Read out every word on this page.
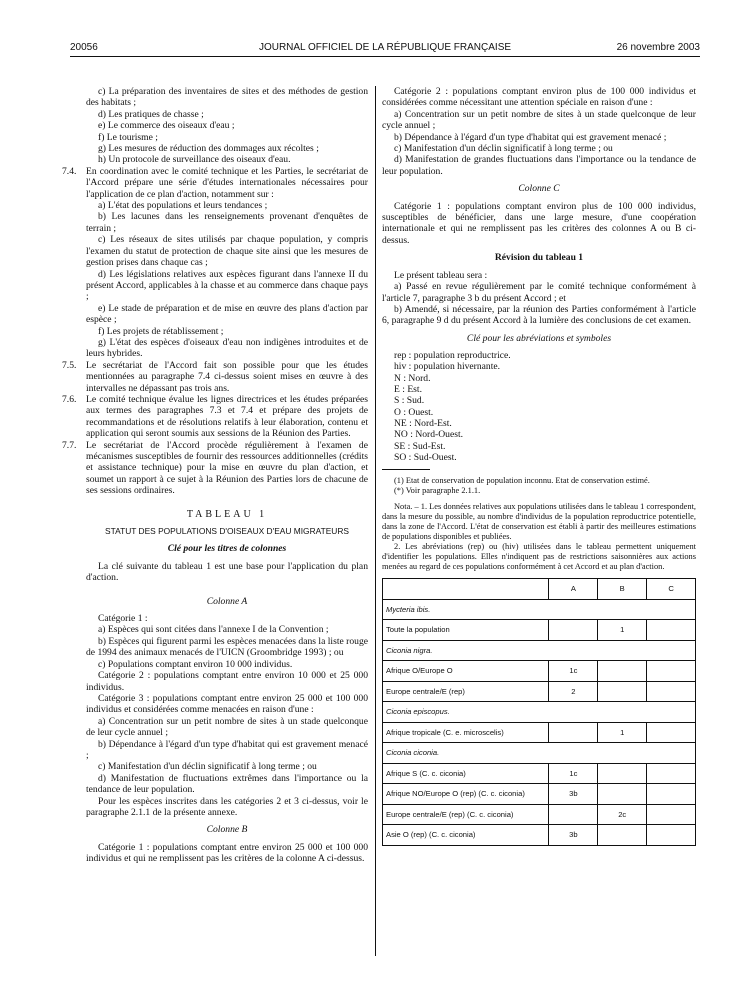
20056	JOURNAL OFFICIEL DE LA RÉPUBLIQUE FRANÇAISE	26 novembre 2003

c) La préparation des inventaires de sites et des méthodes de gestion des habitats ;

d) Les pratiques de chasse ;

e) Le commerce des oiseaux d'eau ;

f) Le tourisme ;

g) Les mesures de réduction des dommages aux récoltes ;

h) Un protocole de surveillance des oiseaux d'eau.

7.4. En coordination avec le comité technique et les Parties, le secrétariat de l'Accord prépare une série d'études internationales nécessaires pour l'application de ce plan d'action, notamment sur :

a) L'état des populations et leurs tendances ;

b) Les lacunes dans les renseignements provenant d'enquêtes de terrain ;

c) Les réseaux de sites utilisés par chaque population, y compris l'examen du statut de protection de chaque site ainsi que les mesures de gestion prises dans chaque cas ;

d) Les législations relatives aux espèces figurant dans l'annexe II du présent Accord, applicables à la chasse et au commerce dans chaque pays ;

e) Le stade de préparation et de mise en œuvre des plans d'action par espèce ;

f) Les projets de rétablissement ;

g) L'état des espèces d'oiseaux d'eau non indigènes introduites et de leurs hybrides.

7.5. Le secrétariat de l'Accord fait son possible pour que les études mentionnées au paragraphe 7.4 ci-dessus soient mises en œuvre à des intervalles ne dépassant pas trois ans.

7.6. Le comité technique évalue les lignes directrices et les études préparées aux termes des paragraphes 7.3 et 7.4 et prépare des projets de recommandations et de résolutions relatifs à leur élaboration, contenu et application qui seront soumis aux sessions de la Réunion des Parties.

7.7. Le secrétariat de l'Accord procède régulièrement à l'examen de mécanismes susceptibles de fournir des ressources additionnelles (crédits et assistance technique) pour la mise en œuvre du plan d'action, et soumet un rapport à ce sujet à la Réunion des Parties lors de chacune de ses sessions ordinaires.

TABLEAU 1

STATUT DES POPULATIONS D'OISEAUX D'EAU MIGRATEURS

Clé pour les titres de colonnes

La clé suivante du tableau 1 est une base pour l'application du plan d'action.

Colonne A

Catégorie 1 :

a) Espèces qui sont citées dans l'annexe I de la Convention ;

b) Espèces qui figurent parmi les espèces menacées dans la liste rouge de 1994 des animaux menacés de l'UICN (Groombridge 1993) ; ou

c) Populations comptant environ 10 000 individus.

Catégorie 2 : populations comptant entre environ 10 000 et 25 000 individus.

Catégorie 3 : populations comptant entre environ 25 000 et 100 000 individus et considérées comme menacées en raison d'une :

a) Concentration sur un petit nombre de sites à un stade quelconque de leur cycle annuel ;

b) Dépendance à l'égard d'un type d'habitat qui est gravement menacé ;

c) Manifestation d'un déclin significatif à long terme ; ou

d) Manifestation de fluctuations extrêmes dans l'importance ou la tendance de leur population.

Pour les espèces inscrites dans les catégories 2 et 3 ci-dessus, voir le paragraphe 2.1.1 de la présente annexe.

Colonne B

Catégorie 1 : populations comptant entre environ 25 000 et 100 000 individus et qui ne remplissent pas les critères de la colonne A ci-dessus.

Catégorie 2 : populations comptant environ plus de 100 000 individus et considérées comme nécessitant une attention spéciale en raison d'une :

a) Concentration sur un petit nombre de sites à un stade quelconque de leur cycle annuel ;

b) Dépendance à l'égard d'un type d'habitat qui est gravement menacé ;

c) Manifestation d'un déclin significatif à long terme ; ou

d) Manifestation de grandes fluctuations dans l'importance ou la tendance de leur population.

Colonne C

Catégorie 1 : populations comptant environ plus de 100 000 individus, susceptibles de bénéficier, dans une large mesure, d'une coopération internationale et qui ne remplissent pas les critères des colonnes A ou B ci-dessus.

Révision du tableau 1

Le présent tableau sera :

a) Passé en revue régulièrement par le comité technique conformément à l'article 7, paragraphe 3 b du présent Accord ; et

b) Amendé, si nécessaire, par la réunion des Parties conformément à l'article 6, paragraphe 9 d du présent Accord à la lumière des conclusions de cet examen.

Clé pour les abréviations et symboles

rep : population reproductrice.

hiv : population hivernante.

N : Nord.

E : Est.

S : Sud.

O : Ouest.

NE : Nord-Est.

NO : Nord-Ouest.

SE : Sud-Est.

SO : Sud-Ouest.

(1) Etat de conservation de population inconnu. Etat de conservation estimé.

(*) Voir paragraphe 2.1.1.

Nota. – 1. Les données relatives aux populations utilisées dans le tableau 1 correspondent, dans la mesure du possible, au nombre d'individus de la population reproductrice potentielle, dans la zone de l'Accord. L'état de conservation est établi à partir des meilleures estimations de populations disponibles et publiées.

2. Les abréviations (rep) ou (hiv) utilisées dans le tableau permettent uniquement d'identifier les populations. Elles n'indiquent pas de restrictions saisonnières aux actions menées au regard de ces populations conformément à cet Accord et au plan d'action.

	A	B	C
Mycteria ibis.			
Toute la population		1	
Ciconia nigra.			
Afrique O/Europe O	1c		
Europe centrale/E (rep)	2		
Ciconia episcopus.			
Afrique tropicale (C. e. microscelis)		1	
Ciconia ciconia.			
Afrique S (C. c. ciconia)	1c		
Afrique NO/Europe O (rep) (C. c. ciconia)	3b		
Europe centrale/E (rep) (C. c. ciconia)		2c	
Asie O (rep) (C. c. ciconia)	3b		
